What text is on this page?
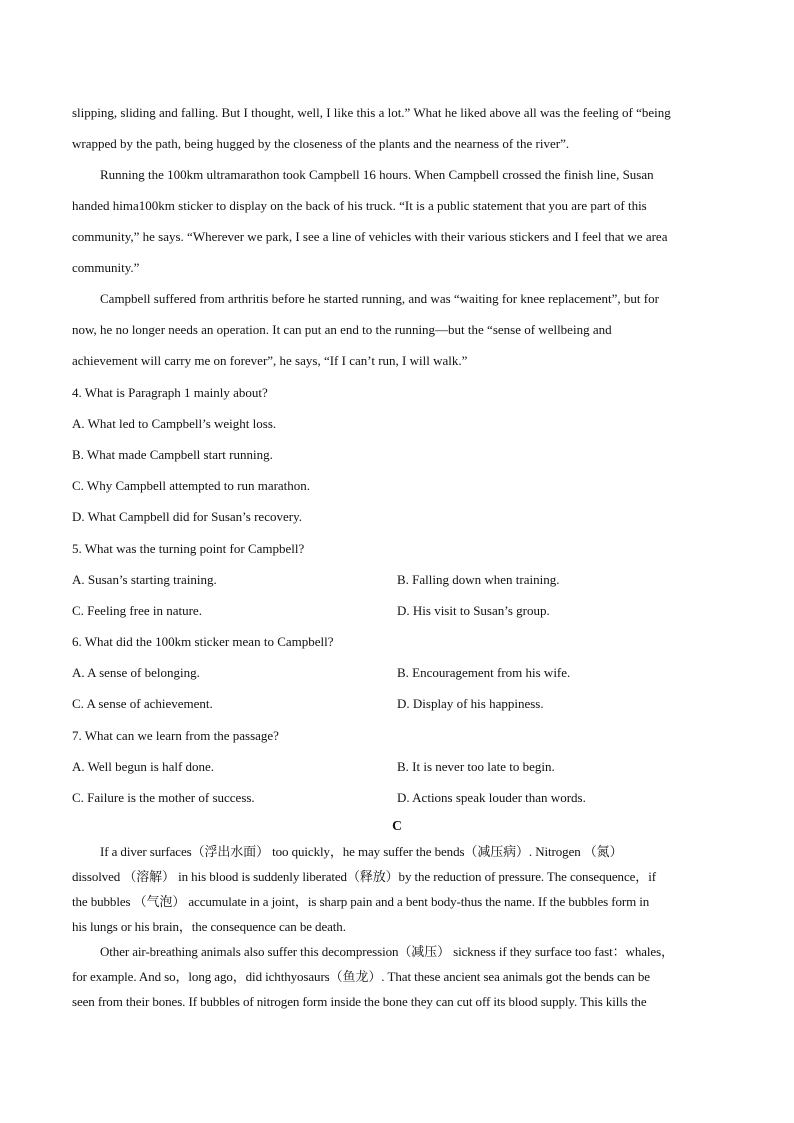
slipping, sliding and falling. But I thought, well, I like this a lot.” What he liked above all was the feeling of “being
wrapped by the path, being hugged by the closeness of the plants and the nearness of the river”.
Running the 100km ultramarathon took Campbell 16 hours. When Campbell crossed the finish line, Susan
handed hima100km sticker to display on the back of his truck. “It is a public statement that you are part of this
community,” he says. “Wherever we park, I see a line of vehicles with their various stickers and I feel that we area
community.”
Campbell suffered from arthritis before he started running, and was “waiting for knee replacement”, but for
now, he no longer needs an operation. It can put an end to the running—but the “sense of wellbeing and
achievement will carry me on forever”, he says, “If I can’t run, I will walk.”
4. What is Paragraph 1 mainly about?
A. What led to Campbell’s weight loss.
B. What made Campbell start running.
C. Why Campbell attempted to run marathon.
D. What Campbell did for Susan’s recovery.
5. What was the turning point for Campbell?
A. Susan’s starting training.	B. Falling down when training.
C. Feeling free in nature.	D. His visit to Susan’s group.
6. What did the 100km sticker mean to Campbell?
A. A sense of belonging.	B. Encouragement from his wife.
C. A sense of achievement.	D. Display of his happiness.
7. What can we learn from the passage?
A. Well begun is half done.	B. It is never too late to begin.
C. Failure is the mother of success.	D. Actions speak louder than words.
C
If a diver surfaces（浮出水面） too quickly，he may suffer the bends（减压病）. Nitrogen （氮）
dissolved （溶解） in his blood is suddenly liberated（释放）by the reduction of pressure. The consequence，if
the bubbles （气泡） accumulate in a joint，is sharp pain and a bent body-thus the name. If the bubbles form in
his lungs or his brain，the consequence can be death.
Other air-breathing animals also suffer this decompression（减压） sickness if they surface too fast：whales，
for example. And so，long ago，did ichthyosaurs（鱼龙）. That these ancient sea animals got the bends can be
seen from their bones. If bubbles of nitrogen form inside the bone they can cut off its blood supply. This kills the
